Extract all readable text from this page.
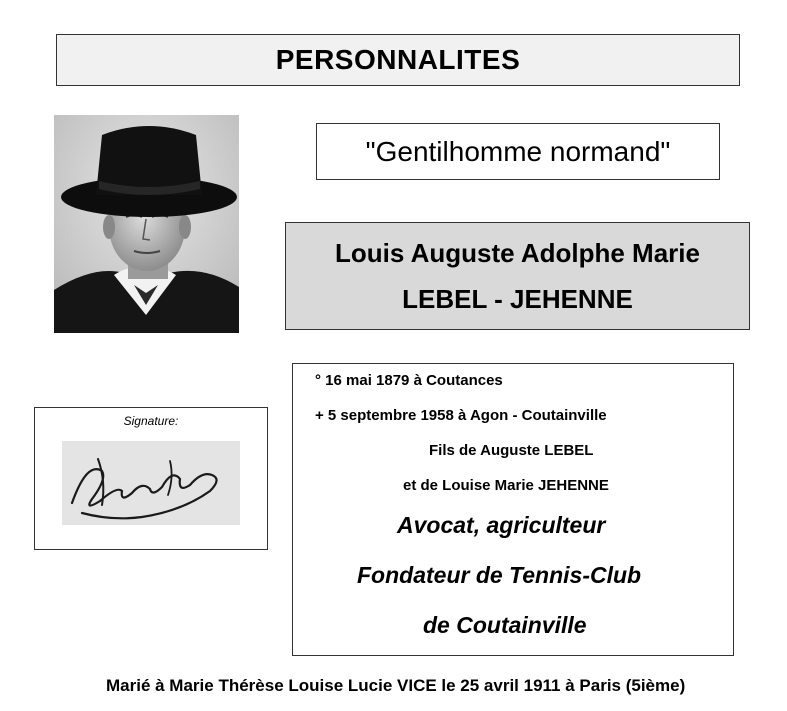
PERSONNALITES
"Gentilhomme normand"
Louis Auguste Adolphe Marie
LEBEL - JEHENNE
Signature:
° 16 mai 1879 à Coutances
+ 5 septembre 1958 à Agon - Coutainville
Fils de Auguste LEBEL
et de Louise Marie JEHENNE
Avocat, agriculteur
Fondateur de Tennis-Club
de Coutainville
Marié à Marie Thérèse Louise Lucie VICE le 25 avril 1911 à Paris (5ième)
